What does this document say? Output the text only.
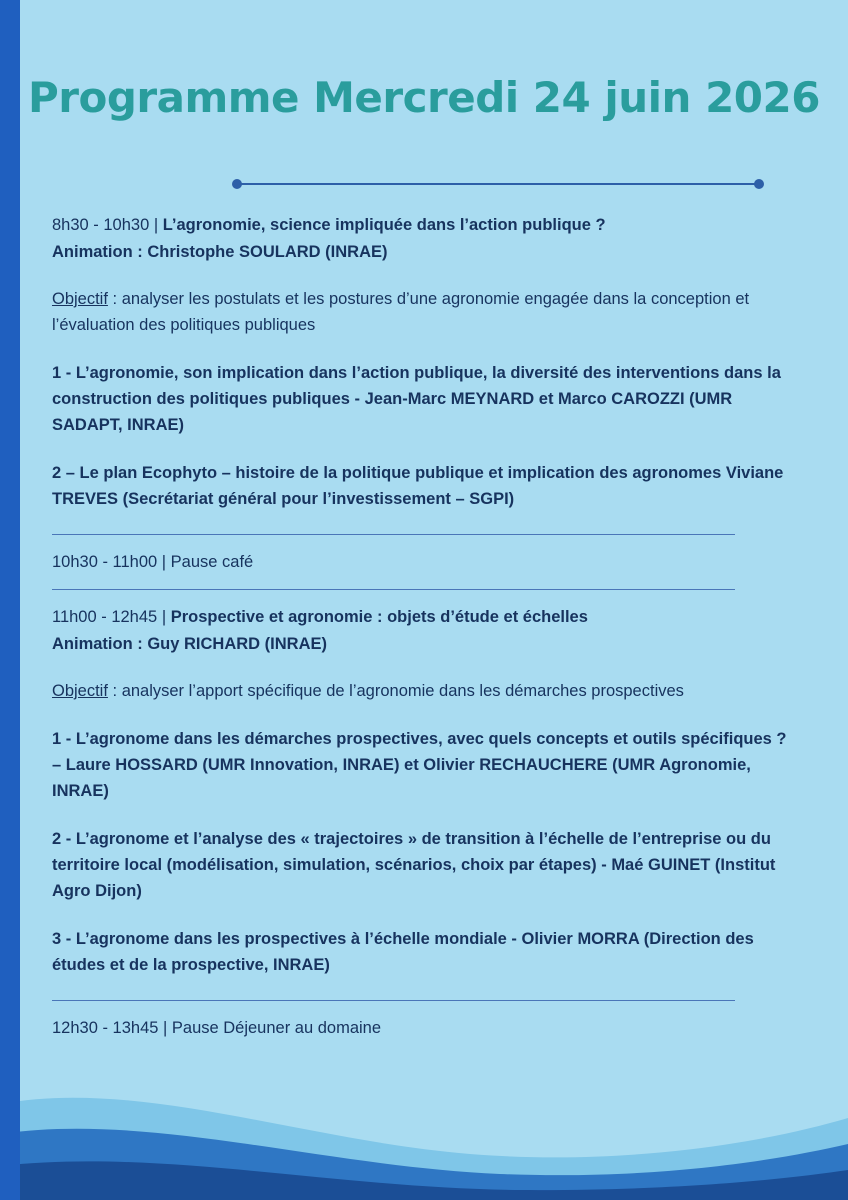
Programme Mercredi 24 juin 2026
8h30 - 10h30 | L’agronomie, science impliquée dans l’action publique ?
Animation : Christophe SOULARD (INRAE)
Objectif : analyser les postulats et les postures d’une agronomie engagée dans la conception et l’évaluation des politiques publiques
1 - L’agronomie, son implication dans l’action publique, la diversité des interventions dans la construction des politiques publiques - Jean-Marc MEYNARD et Marco CAROZZI (UMR SADAPT, INRAE)
2 – Le plan Ecophyto – histoire de la politique publique et implication des agronomes Viviane TREVES (Secrétariat général pour l’investissement – SGPI)
10h30 - 11h00 | Pause café
11h00 - 12h45 | Prospective et agronomie : objets d’étude et échelles
Animation : Guy RICHARD (INRAE)
Objectif : analyser l’apport spécifique de l’agronomie dans les démarches prospectives
1 - L’agronome dans les démarches prospectives, avec quels concepts et outils spécifiques ? – Laure HOSSARD (UMR Innovation, INRAE) et Olivier RECHAUCHERE (UMR Agronomie, INRAE)
2 - L’agronome et l’analyse des « trajectoires » de transition à l’échelle de l’entreprise ou du territoire local (modélisation, simulation, scénarios, choix par étapes) - Maé GUINET (Institut Agro Dijon)
3 - L’agronome dans les prospectives à l’échelle mondiale - Olivier MORRA (Direction des études et de la prospective, INRAE)
12h30 - 13h45 | Pause Déjeuner au domaine
